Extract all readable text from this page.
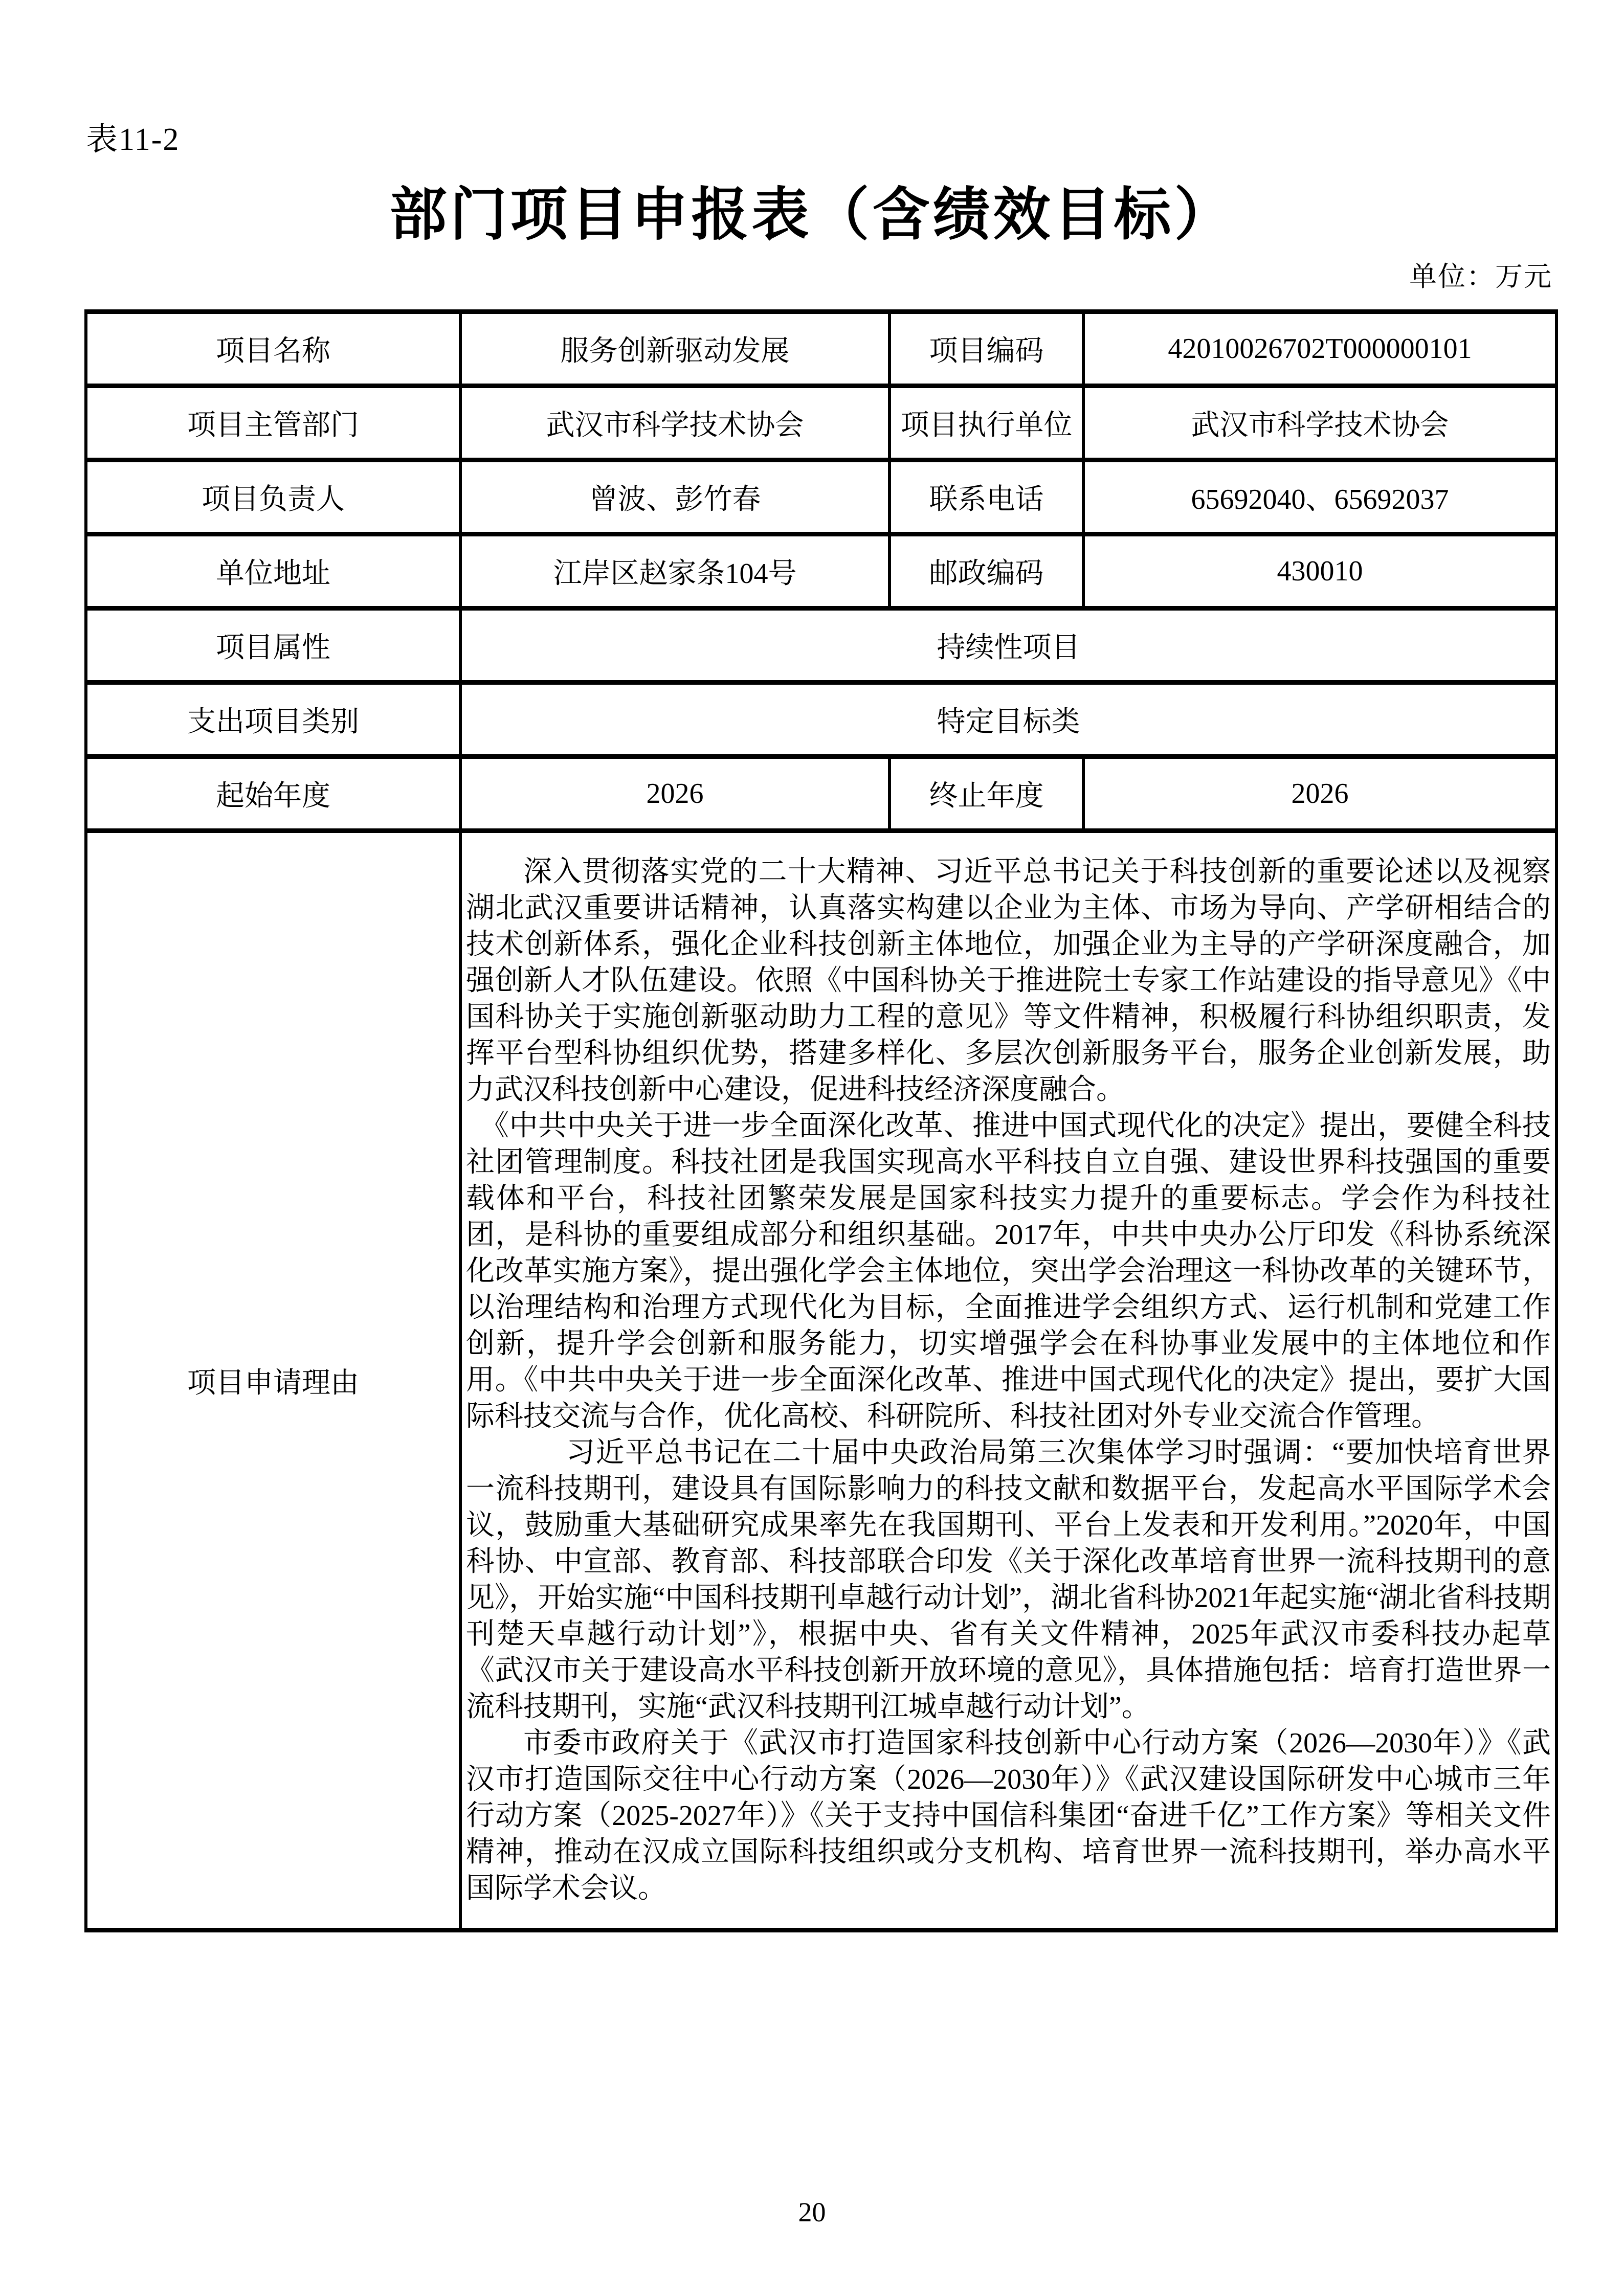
表11-2
部门项目申报表（含绩效目标）
单位：万元
项目名称	服务创新驱动发展	项目编码	42010026702T000000101
项目主管部门	武汉市科学技术协会	项目执行单位	武汉市科学技术协会
项目负责人	曾波、彭竹春	联系电话	65692040、65692037
单位地址	江岸区赵家条104号	邮政编码	430010
项目属性	持续性项目		
支出项目类别	特定目标类		
起始年度	2026	终止年度	2026
项目申请理由	深入贯彻落实党的二十大精神、习近平总书记关于科技创新的重要论述以及视察湖北武汉重要讲话精神，认真落实构建以企业为主体、市场为导向、产学研相结合的技术创新体系，强化企业科技创新主体地位，加强企业为主导的产学研深度融合，加强创新人才队伍建设。依照《中国科协关于推进院士专家工作站建设的指导意见》《中国科协关于实施创新驱动助力工程的意见》等文件精神，积极履行科协组织职责，发挥平台型科协组织优势，搭建多样化、多层次创新服务平台，服务企业创新发展，助力武汉科技创新中心建设，促进科技经济深度融合。

《中共中央关于进一步全面深化改革、推进中国式现代化的决定》提出，要健全科技社团管理制度。科技社团是我国实现高水平科技自立自强、建设世界科技强国的重要载体和平台，科技社团繁荣发展是国家科技实力提升的重要标志。学会作为科技社团，是科协的重要组成部分和组织基础。2017年，中共中央办公厅印发《科协系统深化改革实施方案》，提出强化学会主体地位，突出学会治理这一科协改革的关键环节，以治理结构和治理方式现代化为目标，全面推进学会组织方式、运行机制和党建工作创新，提升学会创新和服务能力，切实增强学会在科协事业发展中的主体地位和作用。《中共中央关于进一步全面深化改革、推进中国式现代化的决定》提出，要扩大国际科技交流与合作，优化高校、科研院所、科技社团对外专业交流合作管理。

习近平总书记在二十届中央政治局第三次集体学习时强调：“要加快培育世界一流科技期刊，建设具有国际影响力的科技文献和数据平台，发起高水平国际学术会议，鼓励重大基础研究成果率先在我国期刊、平台上发表和开发利用。”2020年，中国科协、中宣部、教育部、科技部联合印发《关于深化改革培育世界一流科技期刊的意见》，开始实施“中国科技期刊卓越行动计划”，湖北省科协2021年起实施“湖北省科技期刊楚天卓越行动计划”》，根据中央、省有关文件精神，2025年武汉市委科技办起草《武汉市关于建设高水平科技创新开放环境的意见》，具体措施包括：培育打造世界一流科技期刊，实施“武汉科技期刊江城卓越行动计划”。

市委市政府关于《武汉市打造国家科技创新中心行动方案（2026—2030年）》《武汉市打造国际交往中心行动方案（2026—2030年）》《武汉建设国际研发中心城市三年行动方案（2025-2027年）》《关于支持中国信科集团“奋进千亿”工作方案》等相关文件精神，推动在汉成立国际科技组织或分支机构、培育世界一流科技期刊，举办高水平国际学术会议。		

20
